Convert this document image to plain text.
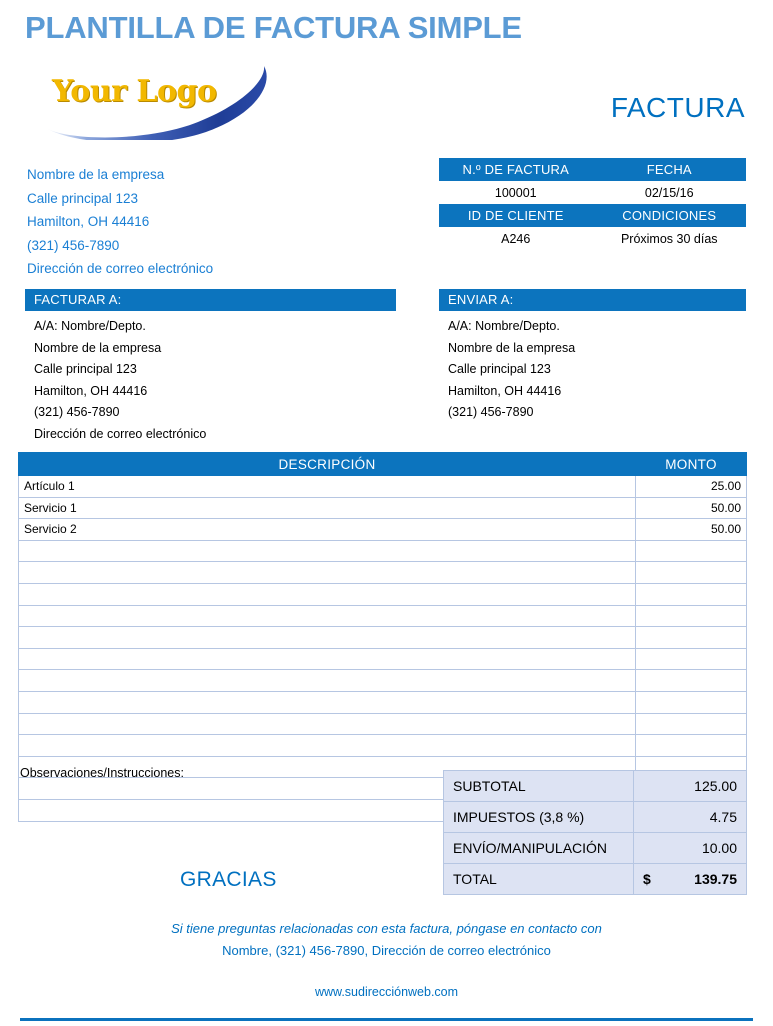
PLANTILLA DE FACTURA SIMPLE
Your Logo	FACTURA
Nombre de la empresa
Calle principal 123
Hamilton, OH 44416
(321) 456-7890
Dirección de correo electrónico
N.º DE FACTURA	FECHA
100001	02/15/16
ID DE CLIENTE	CONDICIONES
A246	Próximos 30 días
FACTURAR A:
A/A: Nombre/Depto.
Nombre de la empresa
Calle principal 123
Hamilton, OH 44416
(321) 456-7890
Dirección de correo electrónico
ENVIAR A:
A/A: Nombre/Depto.
Nombre de la empresa
Calle principal 123
Hamilton, OH 44416
(321) 456-7890
DESCRIPCIÓN	MONTO
Artículo 1	25.00
Servicio 1	50.00
Servicio 2	50.00

Observaciones/Instrucciones:
SUBTOTAL		125.00
IMPUESTOS (3,8 %)		4.75
ENVÍO/MANIPULACIÓN		10.00
TOTAL	$	139.75
GRACIAS
Si tiene preguntas relacionadas con esta factura, póngase en contacto con
Nombre, (321) 456-7890, Dirección de correo electrónico
www.sudirecciónweb.com
